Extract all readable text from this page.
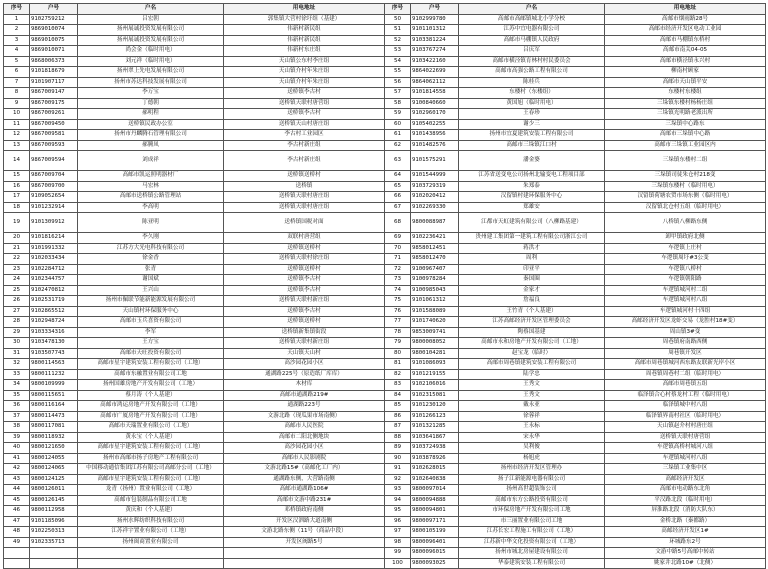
序号	户号	户名	用电地址	序号	户号	户名	用电地址
1	9102759212	吕宏朝	郭集镇大营村徐圩组（基建）	50	9102999780	高邮市高邮镇城北小学分校	高邮市烟雨路28号
2	9869010074	扬州展诚投资发展有限公司	伟新村新民组	51	9101101312	江苏中宜电器有限公司	高邮市经济开发区电动工业园
3	9869010075	扬州展诚投资发展有限公司	伟新村新民组	52	9103381224	高邮市马棚镇人民政府	高邮市马棚镇东桥村
4	9869010071	尚会金（临时用电）	伟新村东庄组	53	9103767274	吕庆军	高邮市南关04-05
5	9868006373	刘元祥（临时用电）	天山镇公东村李庄组	54	9103422160	高邮市横泾镇育林村村民委员会	高邮市横泾镇永兴村
6	9101818679	扬州翠上先电发展有限公司	天山镇介村年朱庄组	55	9864022699	高邮市高强公路工程有限公司	柳南村顾家
7	9101907117	扬州市苏达科技发展有限公司	天山镇介村年朱庄组	56	9864062112	陈桂兵	高邮市天山镇平安
8	9867009147	李万宝	送桥镇李古村	57	9101814558	东楼村（东楼组）	东楼村东楼组
9	9867009175	丁德朝	送桥镇天联村唐营组	58	9100840660	黄国旭（临时用电）	三垛镇东楼村杨杨庄组
10	9867009261	郝明程	送桥镇李古村	59	9102960170	王春珍	三垛镇光明路老派出所
11	9867009450	送桥镇民政办公室	送桥镇天山村唐庄组	60	9105402255	谢少三	三垛镇中心路东
12	9867009581	扬州市丹麟腾石管理有限公司	李古村工业园区	61	9101438956	扬州市宜夏建筑安装工程有限公司	高邮市三垛镇中心路
13	9867009593	郝腾凤	李古村新庄组	62	9101482576	高邮市三垛镇江口村	高邮市三垛镇工业园区内
14	9867009594	刘成祥	李古村新庄组	63	9101575291	潘金婆	三垛镇东楼村二组
15	9867009704	高邮市凯运照明器材厂	送桥镇送桥村	64	9101544999	江苏省送变电公司扬州北输变电工程项目部	三垛镇司徒朱仓村218变
16	9867009700	马宏林	送桥镇	65	9103729319	朱郑泰	三垛镇东楼村（临时用电）
17	9109052654	高邮市送桥镇公路管理站	送桥镇天联村唐庄组	66	9102020412	汉留镇村建环保服务中心	汉留镇荷塘农贸市场东侧（临时用电）
18	9101232914	李高明	送桥镇天联村唐庄组	67	9102269330	郑雄安	汉留镇北仓村五组（临时用电）
19	9101309912	陈亚明	送桥镇国税对面	68	9800088987	江都市天虹建筑有限公司（八柳路基建）	八桥镇八柳路东侧
20	9101816214	李久刚	双联村唐营组	69	9102236421	贵州建工集团第一建筑工程有限公司浙江公司	卸甲镇政府北侧
21	9101991332	江苏方大光电科技有限公司	送桥镇送桥村	70	9858012451	蒋洪才	车逻镇上庄村
22	9102033434	徐金香	送桥镇天联村徐庄组	71	9858012470	周利	车逻镇周圩#3公变
23	9102284712	张青	送桥镇送桥村	72	9100967407	印亚平	车逻镇八桥村
24	9102344757	谢国斌	送桥镇李古村	73	9100978284	秦国圈	车逻镇朝阳路
25	9102470812	王兴山	送桥镇李古村	74	9100985043	金家才	车逻镇城河村二组
26	9102531719	扬州市佩联节能新能源发展有限公司	送桥镇天联村新庄组	75	9101061312	詹福良	车逻镇城河村八组
27	9102865512	天山镇村环保服务中心	送桥镇李古村	76	9101588089	王竹青（个人基建）	车逻镇城河村十四组
28	9102948724	高邮市玉兵喜资有限公司	送桥镇送桥村	77	9101740620	江苏高邮经济开发区管理委员会	高邮经济开发区龙虾交易（龙腔村18#变）
29	9103334316	李军	送桥镇新集镇街段	78	9853009741	陶蔡国基建	周山镇3#变
30	9103478130	王方宝	送桥镇天联村新庄组	79	9800008052	高邮市永和房地产开发有限公司（工地）	周巷镇府南路西侧
31	9103507743	高邮市天旺投资有限公司	天山镇天山村	80	9800104281	赵宝龙（临时）	周巷镇开发区
32	9800114563	高邮市星宇建筑安装工程有限公司（工地）	高沙园花园小区	81	9101086093	高邮市周巷镇建筑安装工程有限公司	高邮市周巷镇城河西东路友联新光岸小区
33	9800111232	高邮市东融置业有限公司工地	通湖路225号（原造纸厂库库）	82	9101219155	陆学忠	周巷镇周巷村二组（临时用电）
34	9800109999	扬州国雄房地产开发有限公司（工地）	木材库	83	9102106016	王秀文	高邮市周巷镇五组
35	9800115651	蔡月涛（个人基建）	高邮市通湖路219#	84	9102315081	王秀文	临泽镇合心村蔡龙村工程（临时用电）
36	9800116164	高邮市鸿运房地产开发有限公司（工地）	通湖路223号	85	9101230120	戴永亚	临泽镇城中村八组
37	9800114473	高邮市广厦房地产开发有限公司（工地）	文游北路（现瓜果市场南侧）	86	9101266123	徐蓉祥	临泽镇界南村社区（临时用电）
38	9800117081	高邮市天瑞置业有限公司（工地）	高邮市人民医院	87	9101321285	王永标	天山镇赵介村村唐庄组
39	9800118932	黄永宝（个人基建）	高邮市二阳北侧地块	88	9103641867	宋永华	送桥镇天联村唐营组
40	9800121650	高邮市星宇建筑安装工程有限公司（工地）	高沙园花园小区	89	9103724938	吴利俊	车逻镇高桥村城河八组
41	9800124055	扬州市高邮市扬子房地产工程有限公司	高邮市人民影剧院	90	9103878926	杨旭虎	车逻镇城河村八组
42	9800124065	中国移动通信集团江苏有限公司高邮分公司（工地）	文游北路15#（高邮化工厂内）	91	9102628015	扬州市经济开发区管理办	三垛镇工业集中区
43	9800124125	高邮市星宇建筑安装工程有限公司（工地）	通湖路东侧，大营路南侧	92	9102640838	扬子江新能源电器有限公司	高邮经济开发区
44	9800126011	龙青（扬州）置业有限公司（工地）	高邮市通湖路106#	93	9800097014	扬州高世超装饰公司	高邮市电动路东北角
45	9800126145	高邮市包装制品有限公司工地	高邮市文游中路231#	94	9800094888	高邮市东方公路投资有限公司	平汉路北段（临时用电）
46	9800112958	黄庆和（个人基建）	邓桥镇政府南侧	95	9800094801	市环保房地产开发有限公司工地	屏淮路北段（消防大队东）
47	9101185096	扬州水辉纺织科技有限公司	开发区汉泗路大道南侧	96	9800097171	市三丽置业有限公司工地	金桥北路（秦都路）
48	9102250313	江苏祥宇置业有限公司（工地）	文游北路东侧（11号（商品中段）	97	9800105199	江苏长宏工程施工有限公司（工地）	高邮经济开发区1#
49	9102335713	扬州闽商置业有限公司	开发区阀路5号	98	9800096401	江苏新中华文化投资有限公司（工地）	环城路东2号
				99	9800096015	扬州市城北房屋建设有限公司	文游中路5号高邮中转站
				100	9800093025	华泰建筑安装工程有限公司	姚家井北路10#（北侧）
